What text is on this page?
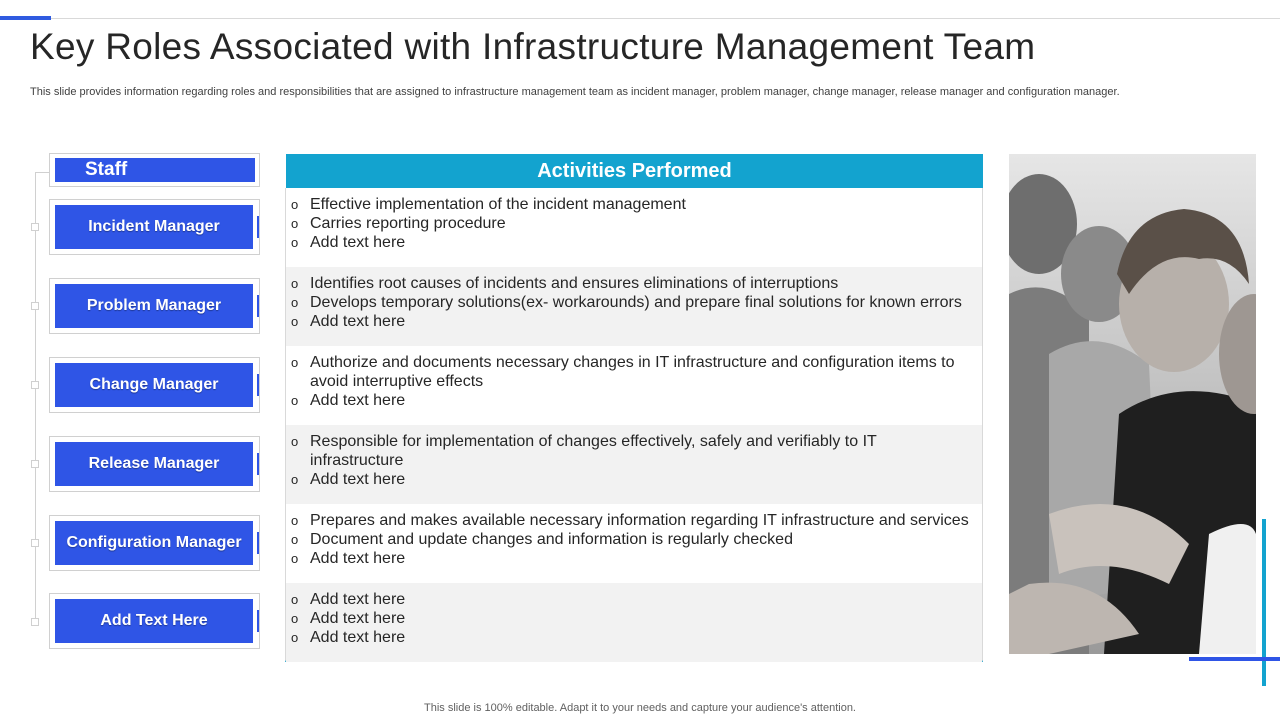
Key Roles Associated with Infrastructure Management Team
This slide provides information regarding roles and responsibilities that are assigned to infrastructure management team as incident manager, problem manager, change manager, release manager and configuration manager.
Staff
Incident Manager
Problem Manager
Change Manager
Release Manager
Configuration Manager
Add Text Here
Activities Performed
o Effective implementation of the incident management
o Carries reporting procedure
o Add text here
o Identifies root causes of incidents and ensures eliminations of interruptions
o Develops temporary solutions(ex- workarounds) and prepare final solutions for known errors
o Add text here
o Authorize and documents necessary changes in IT infrastructure and configuration items to avoid interruptive effects
o Add text here
o Responsible for implementation of changes effectively, safely and verifiably to IT infrastructure
o Add text here
o Prepares and makes available necessary information regarding IT infrastructure and services
o Document and update changes and information is regularly checked
o Add text here
o Add text here
o Add text here
o Add text here
This slide is 100% editable. Adapt it to your needs and capture your audience's attention.
